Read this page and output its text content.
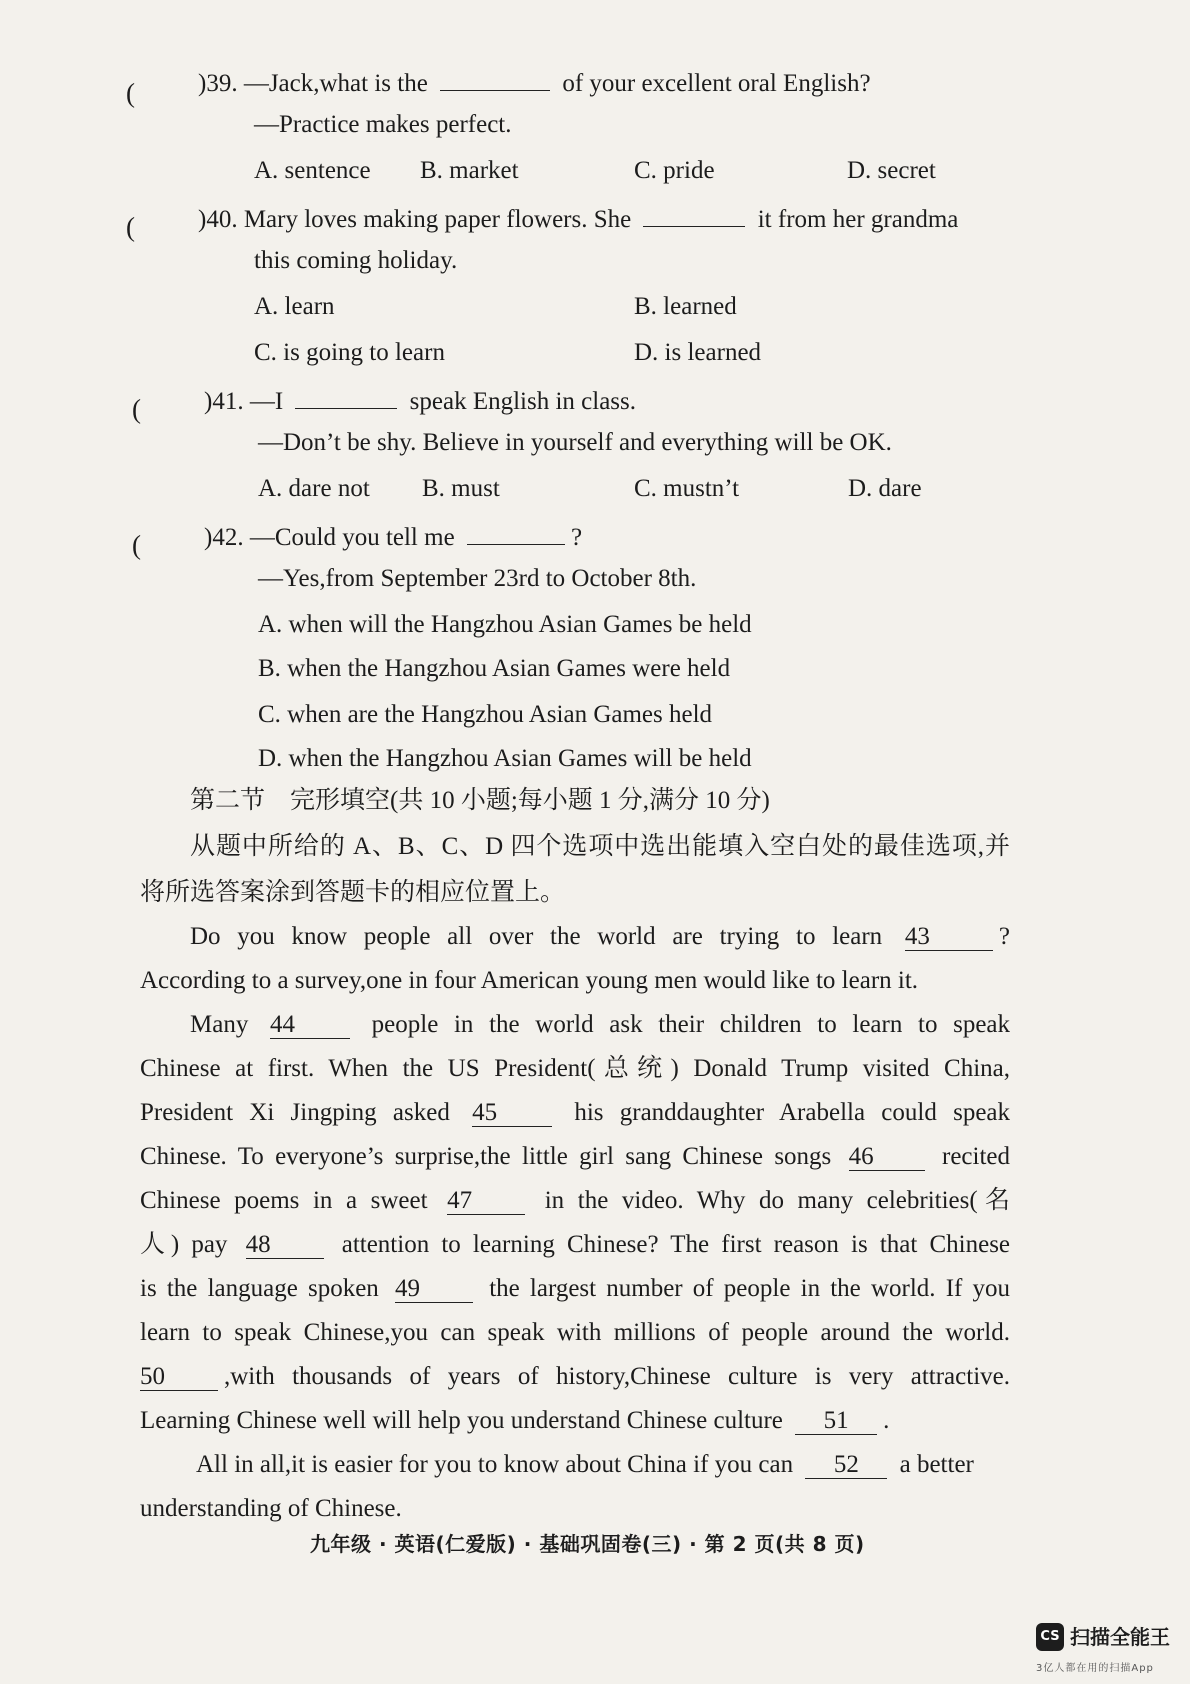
(	)39. —Jack,what is the	of your excellent oral English?
—Practice makes perfect.
A. sentence B. market	C. pride	D. secret
(	)40. Mary loves making paper flowers. She	it from her grandma
this coming holiday.
A. learn	B. learned
C. is going to learn	D. is learned
(	)41. —I	speak English in class.
—Don’t be shy. Believe in yourself and everything will be OK.
A. dare not B. must	C. mustn’t	D. dare
(	)42. —Could you tell me	?
—Yes,from September 23rd to October 8th.
A. when will the Hangzhou Asian Games be held
B. when the Hangzhou Asian Games were held
C. when are the Hangzhou Asian Games held
D. when the Hangzhou Asian Games will be held
第二节　完形填空(共 10 小题;每小题 1 分,满分 10 分)
从题中所给的 A、B、C、D 四个选项中选出能填入空白处的最佳选项,并
将所选答案涂到答题卡的相应位置上。
Do you know people all over the world are trying to learn 43	?
According to a survey,one in four American young men would like to learn it.
Many 44	people in the world ask their children to learn to speak
Chinese at first. When the US President(总统) Donald Trump visited China,
President Xi Jingping asked 45	his granddaughter Arabella could speak
Chinese. To everyone’s surprise,the little girl sang Chinese songs 46	recited
Chinese poems in a sweet 47	in the video. Why do many celebrities(名
人) pay 48	attention to learning Chinese? The first reason is that Chinese
is the language spoken 49	the largest number of people in the world. If you
learn to speak Chinese,you can speak with millions of people around the world.
50 ,with thousands of years of history,Chinese culture is very attractive.
Learning Chinese well will help you understand Chinese culture 51 .
All in all,it is easier for you to know about China if you can 52 a better
understanding of Chinese.
九年级 · 英语(仁爱版) · 基础巩固卷(三) · 第 2 页(共 8 页)
CS 扫描全能王
3亿人都在用的扫描App
